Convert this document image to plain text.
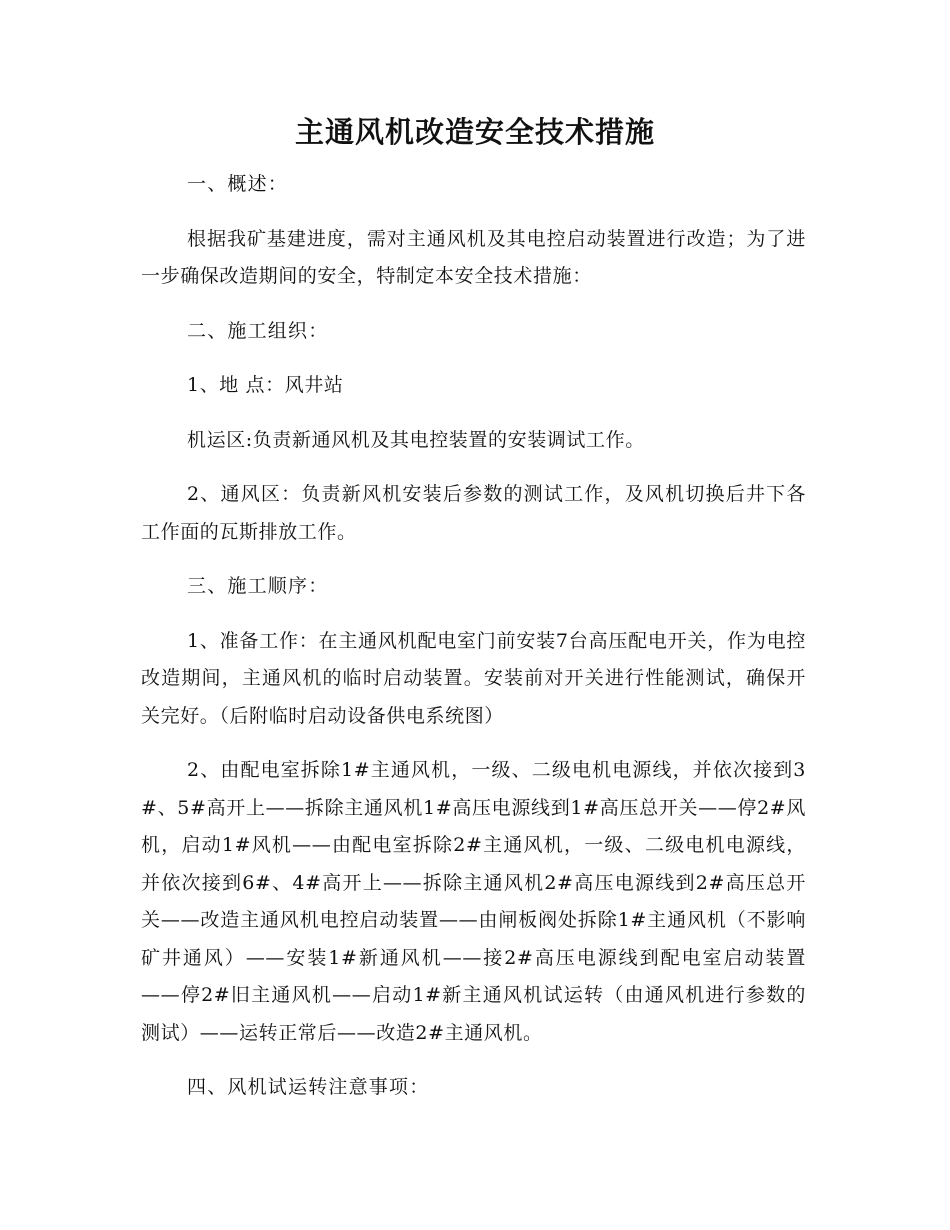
主通风机改造安全技术措施

一、概述：

根据我矿基建进度，需对主通风机及其电控启动装置进行改造；为了进一步确保改造期间的安全，特制定本安全技术措施：

二、施工组织：

1、地 点：风井站

机运区:负责新通风机及其电控装置的安装调试工作。

2、通风区：负责新风机安装后参数的测试工作，及风机切换后井下各工作面的瓦斯排放工作。

三、施工顺序：

1、准备工作：在主通风机配电室门前安装7台高压配电开关，作为电控改造期间，主通风机的临时启动装置。安装前对开关进行性能测试，确保开关完好。（后附临时启动设备供电系统图）

2、由配电室拆除1#主通风机，一级、二级电机电源线，并依次接到3#、5#高开上——拆除主通风机1#高压电源线到1#高压总开关——停2#风机，启动1#风机——由配电室拆除2#主通风机，一级、二级电机电源线，并依次接到6#、4#高开上——拆除主通风机2#高压电源线到2#高压总开关——改造主通风机电控启动装置——由闸板阀处拆除1#主通风机（不影响矿井通风）——安装1#新通风机——接2#高压电源线到配电室启动装置——停2#旧主通风机——启动1#新主通风机试运转（由通风机进行参数的测试）——运转正常后——改造2#主通风机。

四、风机试运转注意事项：
